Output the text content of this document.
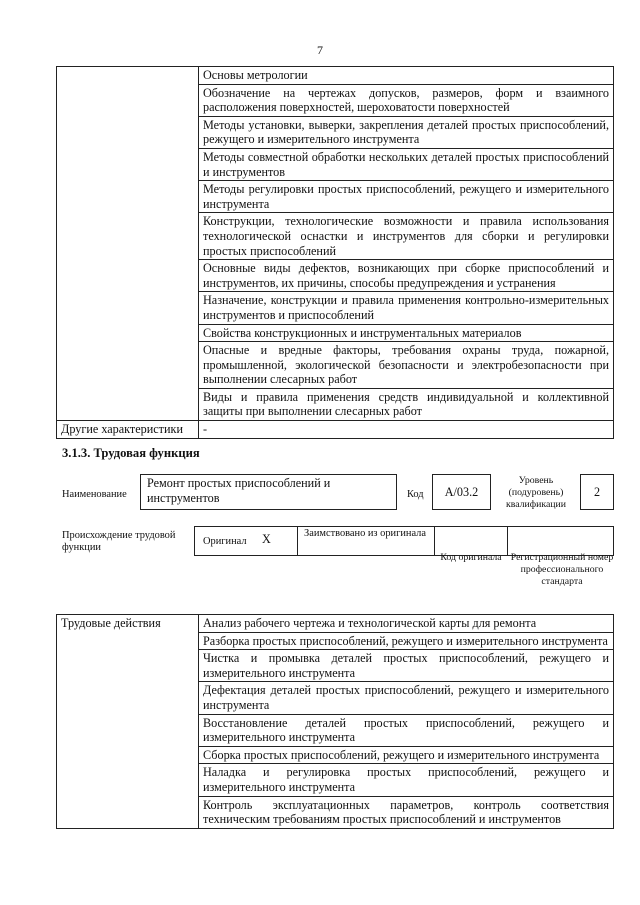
7
	Основы метрологии
	Обозначение на чертежах допусков, размеров, форм и взаимного расположения поверхностей, шероховатости поверхностей
	Методы установки, выверки, закрепления деталей простых приспособлений, режущего и измерительного инструмента
	Методы совместной обработки нескольких деталей простых приспособлений и инструментов
	Методы регулировки простых приспособлений, режущего и измерительного инструмента
	Конструкции, технологические возможности и правила использования технологической оснастки и инструментов для сборки и регулировки простых приспособлений
	Основные виды дефектов, возникающих при сборке приспособлений и инструментов, их причины, способы предупреждения и устранения
	Назначение, конструкции и правила применения контрольно-измерительных инструментов и приспособлений
	Свойства конструкционных и инструментальных материалов
	Опасные и вредные факторы, требования охраны труда, пожарной, промышленной, экологической безопасности и электробезопасности при выполнении слесарных работ
	Виды и правила применения средств индивидуальной и коллективной защиты при выполнении слесарных работ
Другие характеристики	-
3.1.3. Трудовая функция
Наименование
Ремонт простых приспособлений и инструментов	Код	А/03.2
Уровень (подуровень) квалификации
2
Происхождение трудовой функции
Оригинал X	Заимствовано из оригинала
Код оригинала Регистрационный номер профессионального стандарта
Трудовые действия	Анализ рабочего чертежа и технологической карты для ремонта
Разборка простых приспособлений, режущего и измерительного инструмента
Чистка и промывка деталей простых приспособлений, режущего и измерительного инструмента
Дефектация деталей простых приспособлений, режущего и измерительного инструмента
Восстановление деталей простых приспособлений, режущего и измерительного инструмента
Сборка простых приспособлений, режущего и измерительного инструмента
Наладка и регулировка простых приспособлений, режущего и измерительного инструмента
Контроль эксплуатационных параметров, контроль соответствия техническим требованиям простых приспособлений и инструментов
